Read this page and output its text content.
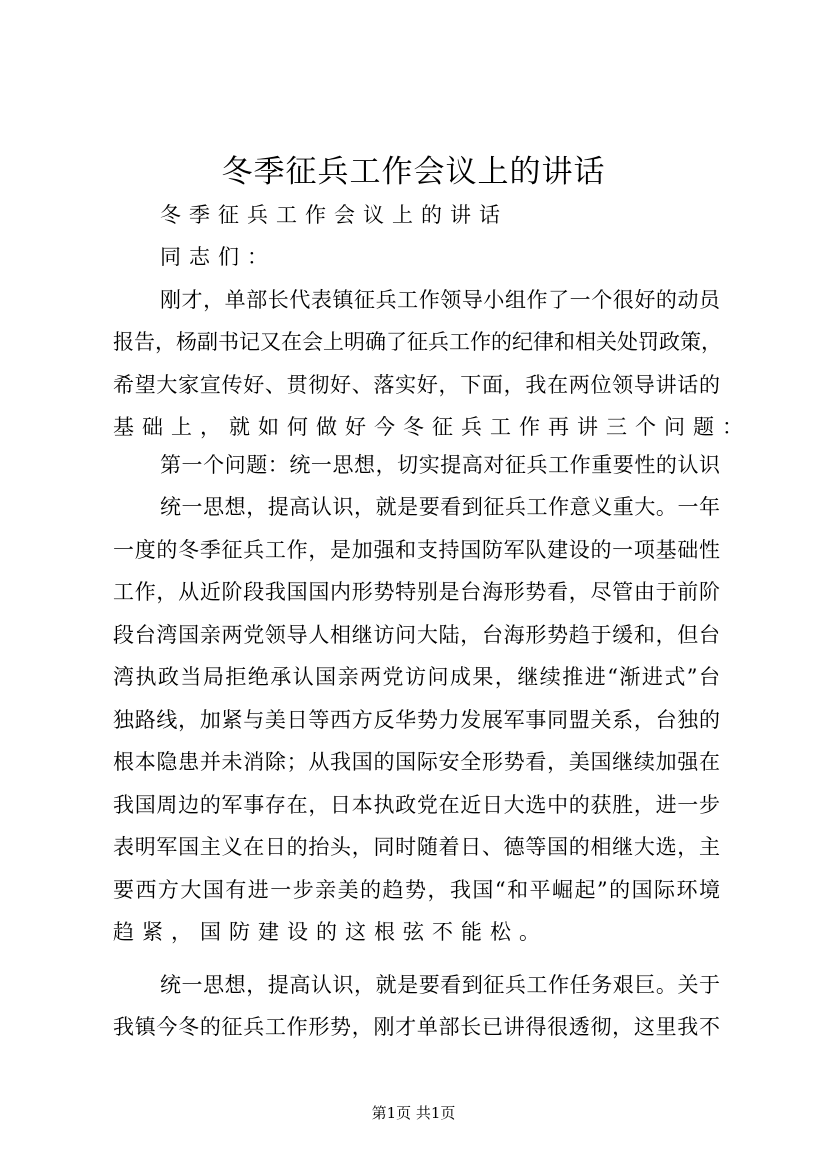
冬季征兵工作会议上的讲话
冬季征兵工作会议上的讲话
同志们：
刚才，单部长代表镇征兵工作领导小组作了一个很好的动员
报告，杨副书记又在会上明确了征兵工作的纪律和相关处罚政策，
希望大家宣传好、贯彻好、落实好，下面，我在两位领导讲话的
基础上，就如何做好今冬征兵工作再讲三个问题：
第一个问题：统一思想，切实提高对征兵工作重要性的认识
统一思想，提高认识，就是要看到征兵工作意义重大。一年
一度的冬季征兵工作，是加强和支持国防军队建设的一项基础性
工作，从近阶段我国国内形势特别是台海形势看，尽管由于前阶
段台湾国亲两党领导人相继访问大陆，台海形势趋于缓和，但台
湾执政当局拒绝承认国亲两党访问成果，继续推进“渐进式”台
独路线，加紧与美日等西方反华势力发展军事同盟关系，台独的
根本隐患并未消除；从我国的国际安全形势看，美国继续加强在
我国周边的军事存在，日本执政党在近日大选中的获胜，进一步
表明军国主义在日的抬头，同时随着日、德等国的相继大选，主
要西方大国有进一步亲美的趋势，我国“和平崛起”的国际环境
趋紧，国防建设的这根弦不能松。
统一思想，提高认识，就是要看到征兵工作任务艰巨。关于
我镇今冬的征兵工作形势，刚才单部长已讲得很透彻，这里我不
第1页 共1页
